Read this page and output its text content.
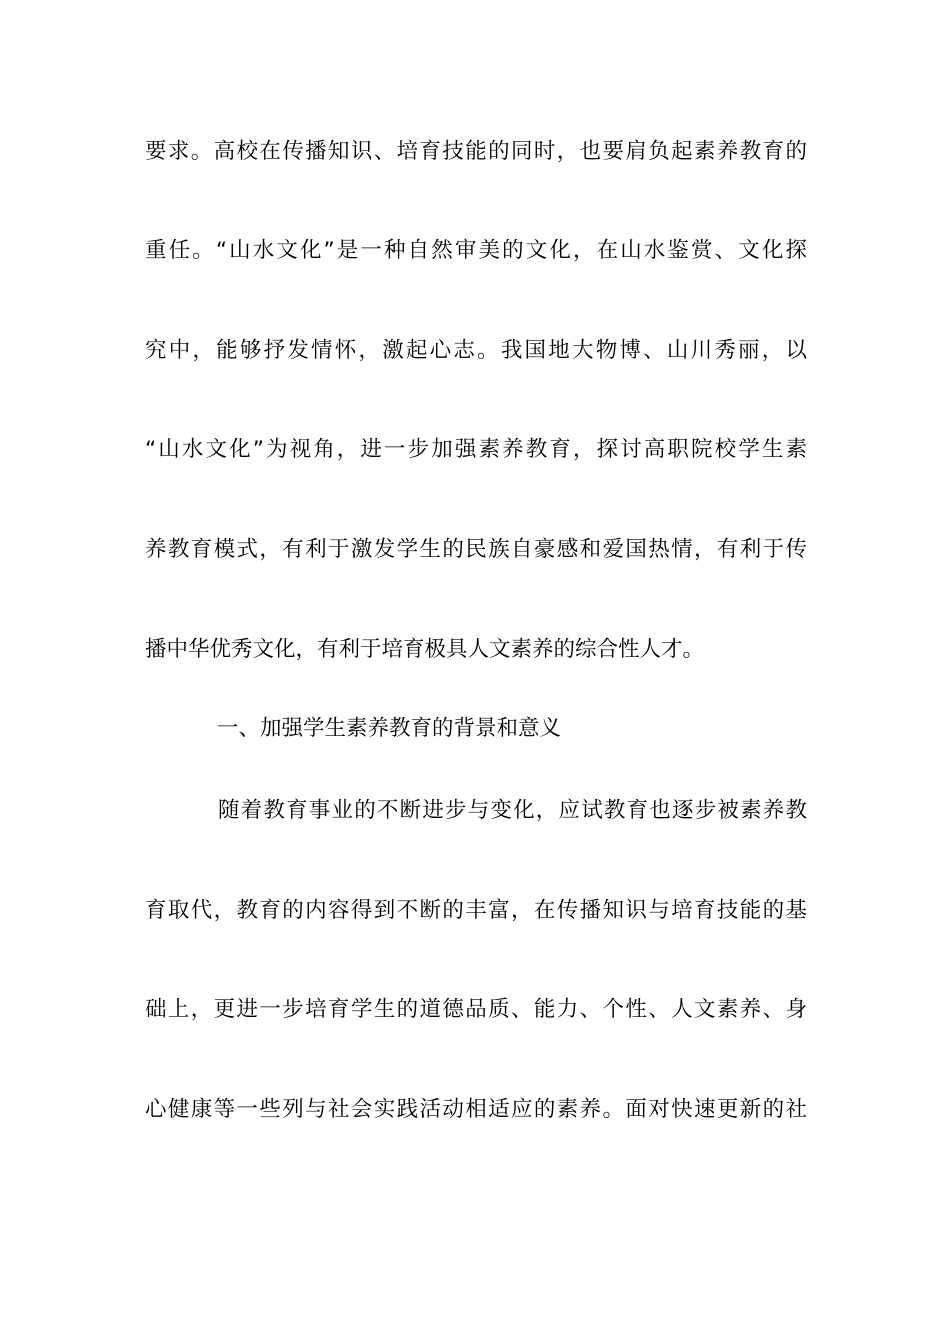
要求。高校在传播知识、培育技能的同时，也要肩负起素养教育的
重任。“山水文化”是一种自然审美的文化，在山水鉴赏、文化探
究中，能够抒发情怀，激起心志。我国地大物博、山川秀丽，以
“山水文化”为视角，进一步加强素养教育，探讨高职院校学生素
养教育模式，有利于激发学生的民族自豪感和爱国热情，有利于传
播中华优秀文化，有利于培育极具人文素养的综合性人才。
一、加强学生素养教育的背景和意义
随着教育事业的不断进步与变化，应试教育也逐步被素养教
育取代，教育的内容得到不断的丰富，在传播知识与培育技能的基
础上，更进一步培育学生的道德品质、能力、个性、人文素养、身
心健康等一些列与社会实践活动相适应的素养。面对快速更新的社
